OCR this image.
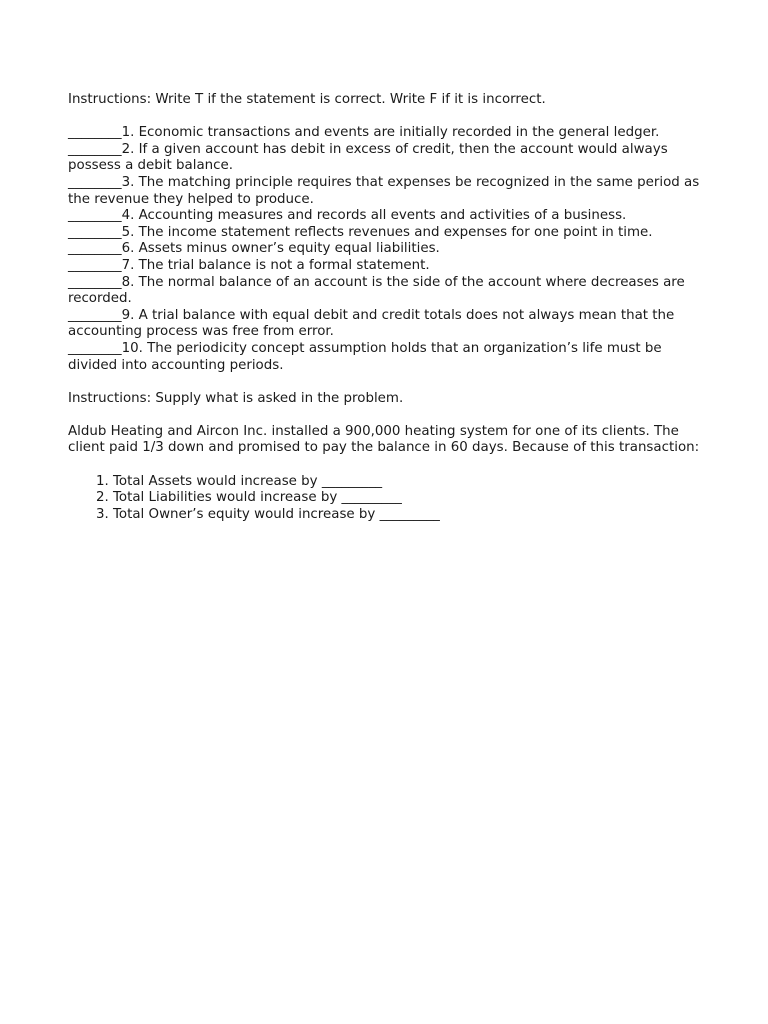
Instructions: Write T if the statement is correct. Write F if it is incorrect.

________1. Economic transactions and events are initially recorded in the general ledger.

________2. If a given account has debit in excess of credit, then the account would always possess a debit balance.

________3. The matching principle requires that expenses be recognized in the same period as the revenue they helped to produce.

________4. Accounting measures and records all events and activities of a business.

________5. The income statement reflects revenues and expenses for one point in time.

________6. Assets minus owner’s equity equal liabilities.

________7. The trial balance is not a formal statement.

________8. The normal balance of an account is the side of the account where decreases are recorded.

________9. A trial balance with equal debit and credit totals does not always mean that the accounting process was free from error.

________10. The periodicity concept assumption holds that an organization’s life must be divided into accounting periods.

Instructions: Supply what is asked in the problem.

Aldub Heating and Aircon Inc. installed a 900,000 heating system for one of its clients. The client paid 1/3 down and promised to pay the balance in 60 days. Because of this transaction:

1. Total Assets would increase by _________
2. Total Liabilities would increase by _________
3. Total Owner’s equity would increase by _________
